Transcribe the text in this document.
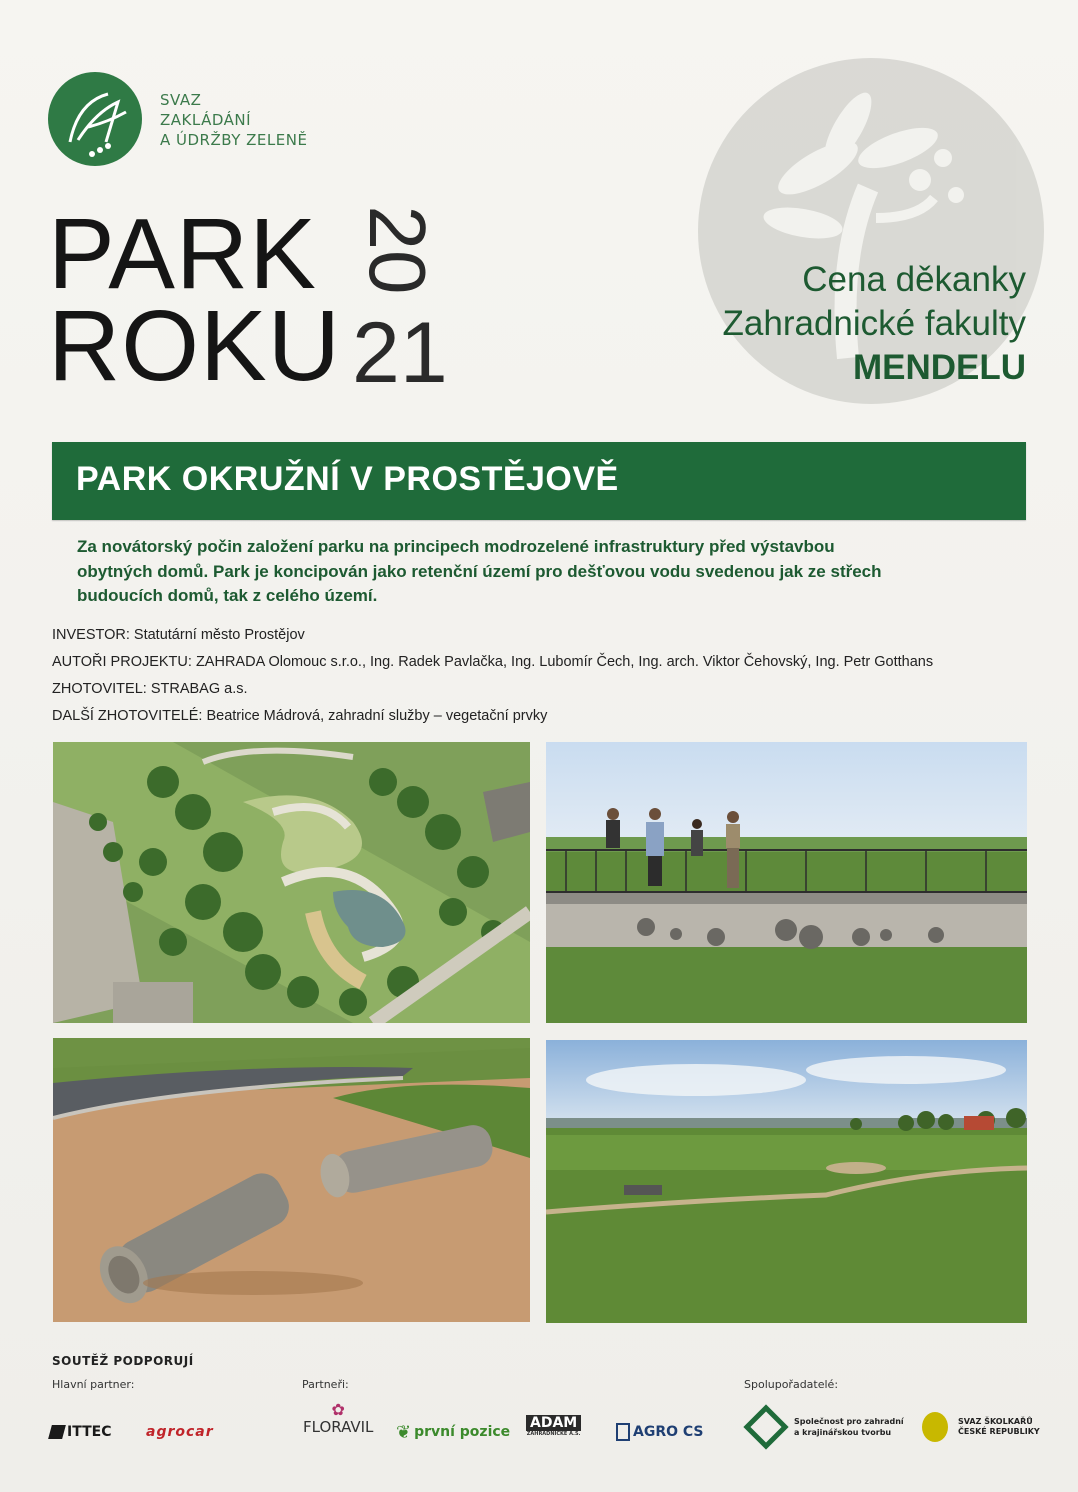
SVAZ
ZAKLÁDÁNÍ
A ÚDRŽBY ZELENĚ
PARK
ROKU
20
21
Cena děkanky
Zahradnické fakulty
MENDELU
PARK OKRUŽNÍ V PROSTĚJOVĚ
Za novátorský počin založení parku na principech modrozelené infrastruktury před výstavbou
obytných domů. Park je koncipován jako retenční území pro dešťovou vodu svedenou jak ze střech
budoucích domů, tak z celého území.
INVESTOR: Statutární město Prostějov
AUTOŘI PROJEKTU: ZAHRADA Olomouc s.r.o., Ing. Radek Pavlačka, Ing. Lubomír Čech, Ing. arch. Viktor Čehovský, Ing. Petr Gotthans
ZHOTOVITEL: STRABAG a.s.
DALŠÍ ZHOTOVITELÉ: Beatrice Mádrová, zahradní služby – vegetační prvky
SOUTĚŽ PODPORUJÍ
Hlavní partner:	Partneři:	Spolupořadatelé:
ITTEC agrocar
✿
FLORAVIL ❦ první pozice
ADAM
ZAHRADNICKÉ A.S.	AGRO CS
Společnost pro zahradní
a krajinářskou tvorbu
SVAZ ŠKOLKAŘŮ
ČESKÉ REPUBLIKY
